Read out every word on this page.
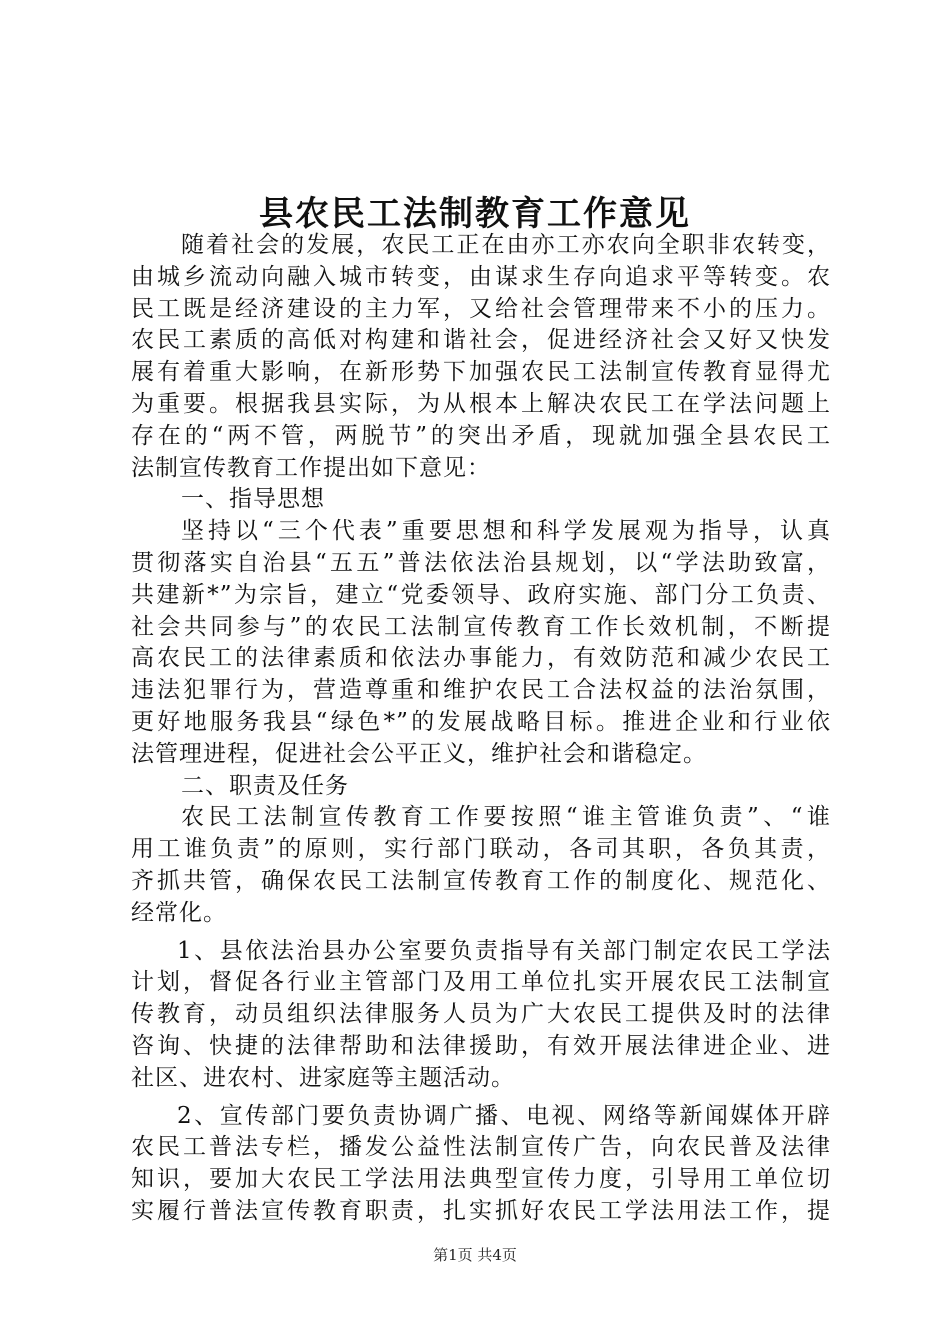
县农民工法制教育工作意见
随着社会的发展，农民工正在由亦工亦农向全职非农转变，
由城乡流动向融入城市转变，由谋求生存向追求平等转变。农
民工既是经济建设的主力军，又给社会管理带来不小的压力。
农民工素质的高低对构建和谐社会，促进经济社会又好又快发
展有着重大影响，在新形势下加强农民工法制宣传教育显得尤
为重要。根据我县实际，为从根本上解决农民工在学法问题上
存在的“两不管，两脱节”的突出矛盾，现就加强全县农民工
法制宣传教育工作提出如下意见：
一、指导思想
坚持以“三个代表”重要思想和科学发展观为指导，认真
贯彻落实自治县“五五”普法依法治县规划，以“学法助致富，
共建新*”为宗旨，建立“党委领导、政府实施、部门分工负责、
社会共同参与”的农民工法制宣传教育工作长效机制，不断提
高农民工的法律素质和依法办事能力，有效防范和减少农民工
违法犯罪行为，营造尊重和维护农民工合法权益的法治氛围，
更好地服务我县“绿色*”的发展战略目标。推进企业和行业依
法管理进程，促进社会公平正义，维护社会和谐稳定。
二、职责及任务
农民工法制宣传教育工作要按照“谁主管谁负责”、“谁
用工谁负责”的原则，实行部门联动，各司其职，各负其责，
齐抓共管，确保农民工法制宣传教育工作的制度化、规范化、
经常化。
1、县依法治县办公室要负责指导有关部门制定农民工学法
计划，督促各行业主管部门及用工单位扎实开展农民工法制宣
传教育，动员组织法律服务人员为广大农民工提供及时的法律
咨询、快捷的法律帮助和法律援助，有效开展法律进企业、进
社区、进农村、进家庭等主题活动。
2、宣传部门要负责协调广播、电视、网络等新闻媒体开辟
农民工普法专栏，播发公益性法制宣传广告，向农民普及法律
知识，要加大农民工学法用法典型宣传力度，引导用工单位切
实履行普法宣传教育职责，扎实抓好农民工学法用法工作，提
第1页 共4页
